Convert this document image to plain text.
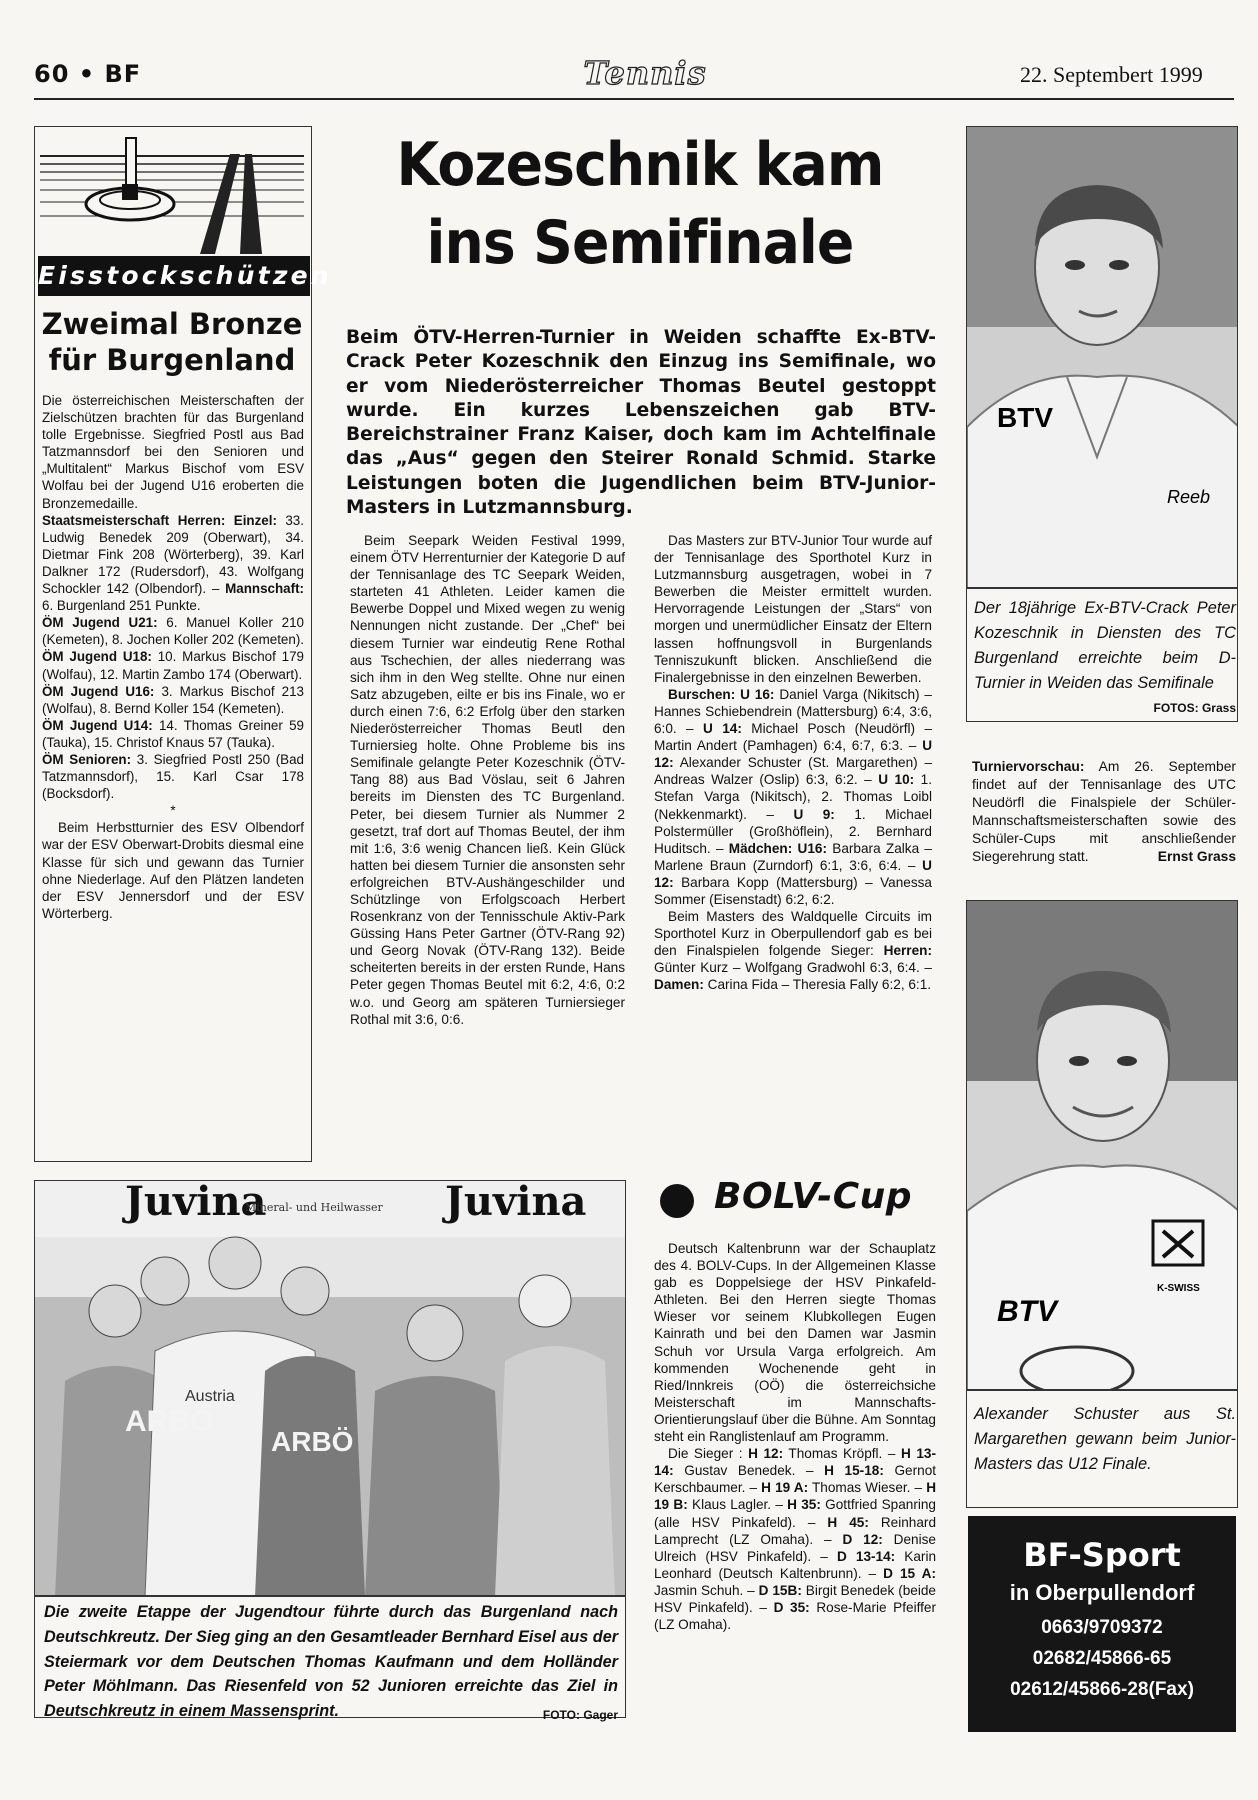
60 • BF	Tennis	22. Septembert 1999
Eisstockschützen
Zweimal Bronze für Burgenland

Die österreichischen Meisterschaften der Zielschützen brachten für das Burgenland tolle Ergebnisse. Siegfried Postl aus Bad Tatzmannsdorf bei den Senioren und „Multitalent“ Markus Bischof vom ESV Wolfau bei der Jugend U16 eroberten die Bronzemedaille.

Staatsmeisterschaft Herren: Einzel: 33. Ludwig Benedek 209 (Oberwart), 34. Dietmar Fink 208 (Wörterberg), 39. Karl Dalkner 172 (Rudersdorf), 43. Wolfgang Schockler 142 (Olbendorf). – Mannschaft: 6. Burgenland 251 Punkte.
ÖM Jugend U21: 6. Manuel Koller 210 (Kemeten), 8. Jochen Koller 202 (Kemeten).
ÖM Jugend U18: 10. Markus Bischof 179 (Wolfau), 12. Martin Zambo 174 (Oberwart).
ÖM Jugend U16: 3. Markus Bischof 213 (Wolfau), 8. Bernd Koller 154 (Kemeten).
ÖM Jugend U14: 14. Thomas Greiner 59 (Tauka), 15. Christof Knaus 57 (Tauka).
ÖM Senioren: 3. Siegfried Postl 250 (Bad Tatzmannsdorf), 15. Karl Csar 178 (Bocksdorf).

*

Beim Herbstturnier des ESV Olbendorf war der ESV Oberwart-Drobits diesmal eine Klasse für sich und gewann das Turnier ohne Niederlage. Auf den Plätzen landeten der ESV Jennersdorf und der ESV Wörterberg.

Kozeschnik kam
ins Semifinale
Beim ÖTV-Herren-Turnier in Weiden schaffte Ex-BTV-Crack Peter Kozeschnik den Einzug ins Semifinale, wo er vom Niederösterreicher Thomas Beutel gestoppt wurde. Ein kurzes Lebenszeichen gab BTV-Bereichstrainer Franz Kaiser, doch kam im Achtelfinale das „Aus“ gegen den Steirer Ronald Schmid. Starke Leistungen boten die Jugendlichen beim BTV-Junior-Masters in Lutzmannsburg.

Beim Seepark Weiden Festival 1999, einem ÖTV Herrenturnier der Kategorie D auf der Tennisanlage des TC Seepark Weiden, starteten 41 Athleten. Leider kamen die Bewerbe Doppel und Mixed wegen zu wenig Nennungen nicht zustande. Der „Chef“ bei diesem Turnier war eindeutig Rene Rothal aus Tschechien, der alles niederrang was sich ihm in den Weg stellte. Ohne nur einen Satz abzugeben, eilte er bis ins Finale, wo er durch einen 7:6, 6:2 Erfolg über den starken Niederösterreicher Thomas Beutl den Turniersieg holte. Ohne Probleme bis ins Semifinale gelangte Peter Kozeschnik (ÖTV-Tang 88) aus Bad Vöslau, seit 6 Jahren bereits im Diensten des TC Burgenland. Peter, bei diesem Turnier als Nummer 2 gesetzt, traf dort auf Thomas Beutel, der ihm mit 1:6, 3:6 wenig Chancen ließ. Kein Glück hatten bei diesem Turnier die ansonsten sehr erfolgreichen BTV-Aushängeschilder und Schützlinge von Erfolgscoach Herbert Rosenkranz von der Tennisschule Aktiv-Park Güssing Hans Peter Gartner (ÖTV-Rang 92) und Georg Novak (ÖTV-Rang 132). Beide scheiterten bereits in der ersten Runde, Hans Peter gegen Thomas Beutel mit 6:2, 4:6, 0:2 w.o. und Georg am späteren Turniersieger Rothal mit 3:6, 0:6.

Das Masters zur BTV-Junior Tour wurde auf der Tennisanlage des Sporthotel Kurz in Lutzmannsburg ausgetragen, wobei in 7 Bewerben die Meister ermittelt wurden. Hervorragende Leistungen der „Stars“ von morgen und unermüdlicher Einsatz der Eltern lassen hoffnungsvoll in Burgenlands Tenniszukunft blicken. Anschließend die Finalergebnisse in den einzelnen Bewerben.

Burschen: U 16: Daniel Varga (Nikitsch) – Hannes Schiebendrein (Mattersburg) 6:4, 3:6, 6:0. – U 14: Michael Posch (Neudörfl) – Martin Andert (Pamhagen) 6:4, 6:7, 6:3. – U 12: Alexander Schuster (St. Margarethen) – Andreas Walzer (Oslip) 6:3, 6:2. – U 10: 1. Stefan Varga (Nikitsch), 2. Thomas Loibl (Nekkenmarkt). – U 9: 1. Michael Polstermüller (Großhöflein), 2. Bernhard Huditsch. – Mädchen: U16: Barbara Zalka – Marlene Braun (Zurndorf) 6:1, 3:6, 6:4. – U 12: Barbara Kopp (Mattersburg) – Vanessa Sommer (Eisenstadt) 6:2, 6:2.

Beim Masters des Waldquelle Circuits im Sporthotel Kurz in Oberpullendorf gab es bei den Finalspielen folgende Sieger: Herren: Günter Kurz – Wolfgang Gradwohl 6:3, 6:4. – Damen: Carina Fida – Theresia Fally 6:2, 6:1.

BTV
Reeb
Der 18jährige Ex-BTV-Crack Peter Kozeschnik in Diensten des TC Burgenland erreichte beim D-Turnier in Weiden das Semifinale
FOTOS: Grass

Turniervorschau: Am 26. September findet auf der Tennisanlage des UTC Neudörfl die Finalspiele der Schüler-Mannschaftsmeisterschaften sowie des Schüler-Cups mit anschließender Siegerehrung statt.	Ernst Grass

K-SWISS
BTV
Alexander Schuster aus St. Margarethen gewann beim Junior-Masters das U12 Finale.
BF-Sport
in Oberpullendorf
0663/9709372
02682/45866-65
02612/45866-28(Fax)
Juvina
Mineral- und Heilwasser Juvina
ARBÖ
ARBÖ
Austria
Die zweite Etappe der Jugendtour führte durch das Burgenland nach Deutschkreutz. Der Sieg ging an den Gesamtleader Bernhard Eisel aus der Steiermark vor dem Deutschen Thomas Kaufmann und dem Holländer Peter Möhlmann. Das Riesenfeld von 52 Junioren erreichte das Ziel in Deutschkreutz in einem Massensprint.	FOTO: Gager
BOLV-Cup

Deutsch Kaltenbrunn war der Schauplatz des 4. BOLV-Cups. In der Allgemeinen Klasse gab es Doppelsiege der HSV Pinkafeld-Athleten. Bei den Herren siegte Thomas Wieser vor seinem Klubkollegen Eugen Kainrath und bei den Damen war Jasmin Schuh vor Ursula Varga erfolgreich. Am kommenden Wochenende geht in Ried/Innkreis (OÖ) die österreichsiche Meisterschaft im Mannschafts-Orientierungslauf über die Bühne. Am Sonntag steht ein Ranglistenlauf am Programm.

Die Sieger : H 12: Thomas Kröpfl. – H 13-14: Gustav Benedek. – H 15-18: Gernot Kerschbaumer. – H 19 A: Thomas Wieser. – H 19 B: Klaus Lagler. – H 35: Gottfried Spanring (alle HSV Pinkafeld). – H 45: Reinhard Lamprecht (LZ Omaha). – D 12: Denise Ulreich (HSV Pinkafeld). – D 13-14: Karin Leonhard (Deutsch Kaltenbrunn). – D 15 A: Jasmin Schuh. – D 15B: Birgit Benedek (beide HSV Pinkafeld). – D 35: Rose-Marie Pfeiffer (LZ Omaha).
